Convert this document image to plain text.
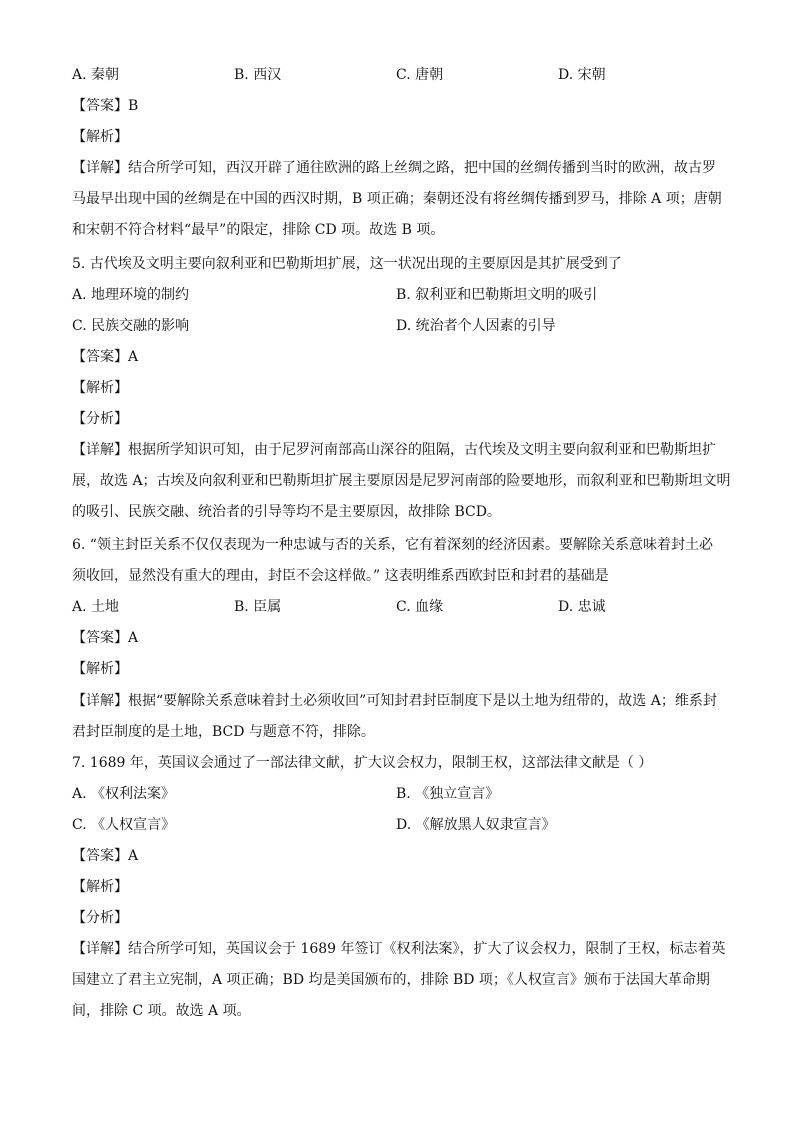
A. 秦朝	B. 西汉	C. 唐朝	D. 宋朝
【答案】B
【解析】
【详解】结合所学可知，西汉开辟了通往欧洲的路上丝绸之路，把中国的丝绸传播到当时的欧洲，故古罗
马最早出现中国的丝绸是在中国的西汉时期，B 项正确；秦朝还没有将丝绸传播到罗马，排除 A 项；唐朝
和宋朝不符合材料“最早”的限定，排除 CD 项。故选 B 项。
5. 古代埃及文明主要向叙利亚和巴勒斯坦扩展，这一状况出现的主要原因是其扩展受到了
A. 地理环境的制约	B. 叙利亚和巴勒斯坦文明的吸引
C. 民族交融的影响	D. 统治者个人因素的引导
【答案】A
【解析】
【分析】
【详解】根据所学知识可知，由于尼罗河南部高山深谷的阻隔，古代埃及文明主要向叙利亚和巴勒斯坦扩
展，故选 A；古埃及向叙利亚和巴勒斯坦扩展主要原因是尼罗河南部的险要地形，而叙利亚和巴勒斯坦文明
的吸引、民族交融、统治者的引导等均不是主要原因，故排除 BCD。
6. “领主封臣关系不仅仅表现为一种忠诚与否的关系，它有着深刻的经济因素。要解除关系意味着封土必
须收回，显然没有重大的理由，封臣不会这样做。” 这表明维系西欧封臣和封君的基础是
A. 土地	B. 臣属	C. 血缘	D. 忠诚
【答案】A
【解析】
【详解】根据“要解除关系意味着封土必须收回”可知封君封臣制度下是以土地为纽带的，故选 A；维系封
君封臣制度的是土地，BCD 与题意不符，排除。
7. 1689 年，英国议会通过了一部法律文献，扩大议会权力，限制王权，这部法律文献是（ ）
A. 《权利法案》	B. 《独立宣言》
C. 《人权宣言》	D. 《解放黑人奴隶宣言》
【答案】A
【解析】
【分析】
【详解】结合所学可知，英国议会于 1689 年签订《权利法案》，扩大了议会权力，限制了王权，标志着英
国建立了君主立宪制，A 项正确；BD 均是美国颁布的，排除 BD 项；《人权宣言》颁布于法国大革命期
间，排除 C 项。故选 A 项。
